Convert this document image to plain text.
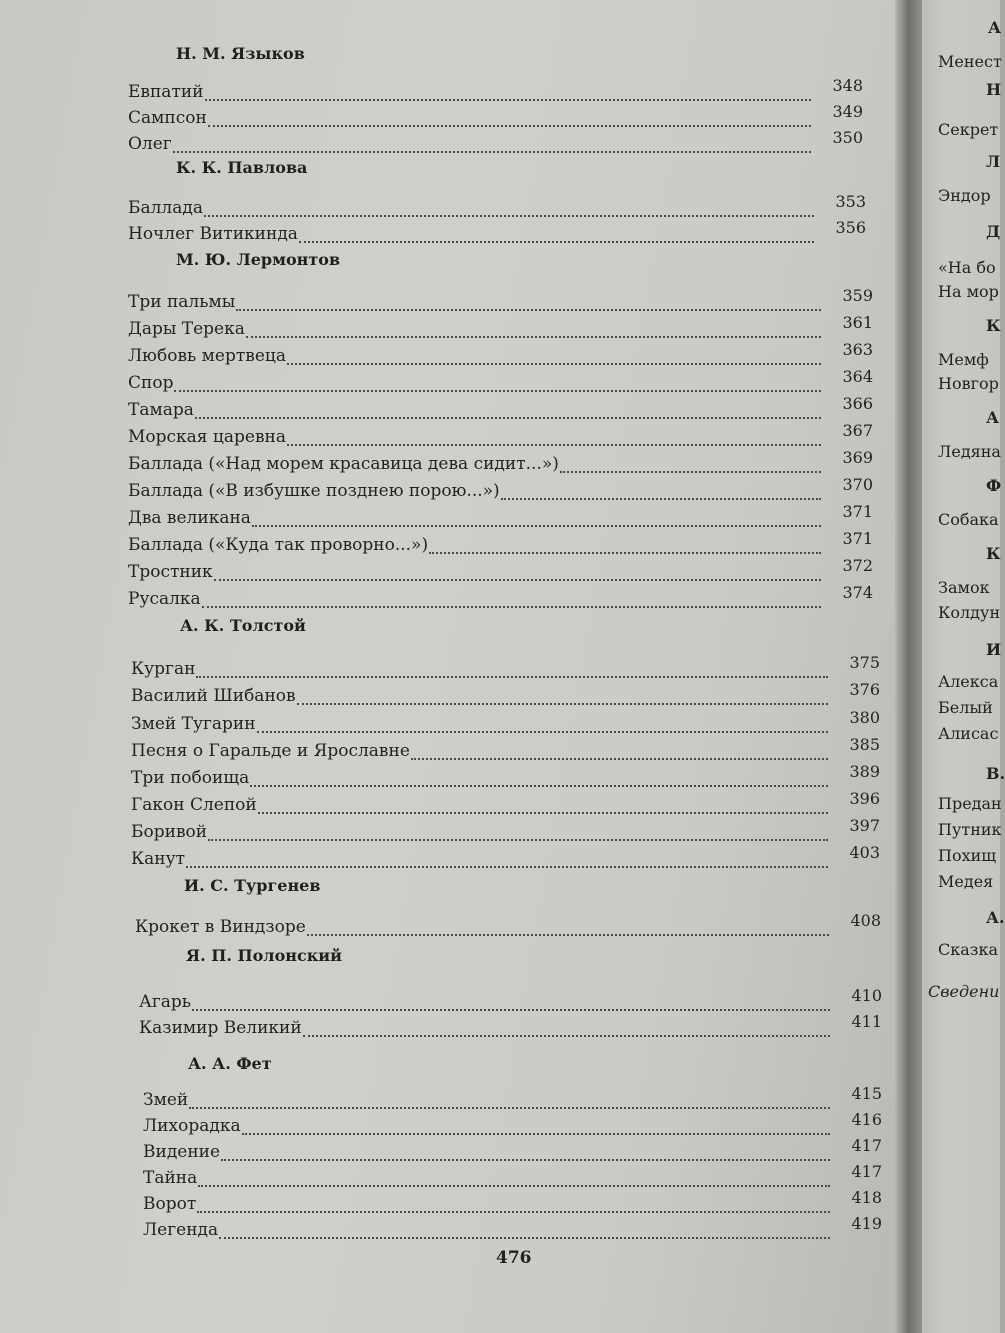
А
Менест
Н
Секрет
Л
Эндор
Д
«На бо
На мор
К
Мемф
Новгор
А
Ледяна
Ф
Собака
К
Замок
Колдун
И
Алекса
Белый
Алисас
В.
Предан
Путник
Похищ
Медея
А.
Сказка
Сведени
Н. М. Языков
Евпатий	348
Сампсон	349
Олег	350
К. К. Павлова
Баллада	353
Ночлег Витикинда	356
М. Ю. Лермонтов
Три пальмы	359
Дары Терека	361
Любовь мертвеца	363
Спор	364
Тамара	366
Морская царевна	367
Баллада («Над морем красавица дева сидит...»)	369
Баллада («В избушке позднею порою...»)	370
Два великана	371
Баллада («Куда так проворно...»)	371
Тростник	372
Русалка	374
А. К. Толстой
Курган	375
Василий Шибанов	376
Змей Тугарин	380
Песня о Гаральде и Ярославне	385
Три побоища	389
Гакон Слепой	396
Боривой	397
Канут	403
И. С. Тургенев
Крокет в Виндзоре	408
Я. П. Полонский
Агарь	410
Казимир Великий	411
А. А. Фет
Змей	415
Лихорадка	416
Видение	417
Тайна	417
Ворот	418
Легенда	419
476
